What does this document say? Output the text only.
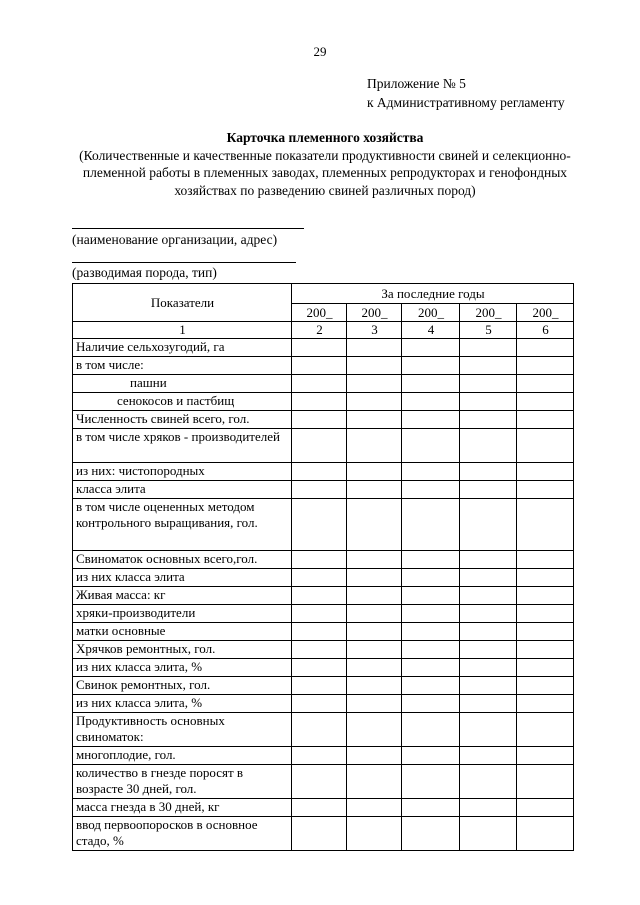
29
Приложение № 5
к Административному регламенту
Карточка племенного хозяйства
(Количественные и качественные показатели продуктивности свиней и селекционно-племенной работы в племенных заводах, племенных репродукторах и генофондных хозяйствах по разведению свиней различных пород)
(наименование организации, адрес)
(разводимая порода, тип)
Показатели	За последние годы				
	200_	200_	200_	200_	200_
1	2	3	4	5	6
Наличие сельхозугодий, га					
в том числе:					
пашни					
сенокосов и пастбищ					
Численность свиней всего, гол.					
в том числе хряков - производителей					
из них: чистопородных					
класса элита					
в том числе оцененных методом контрольного выращивания, гол.					
Свиноматок основных всего,гол.					
из них класса элита					
Живая масса: кг					
хряки-производители					
матки основные					
Хрячков ремонтных, гол.					
из них класса элита, %					
Свинок ремонтных, гол.					
из них класса элита, %					
Продуктивность основных свиноматок:					
многоплодие, гол.					
количество в гнезде поросят в возрасте 30 дней, гол.					
масса гнезда в 30 дней, кг					
ввод первоопоросков в основное стадо, %					
